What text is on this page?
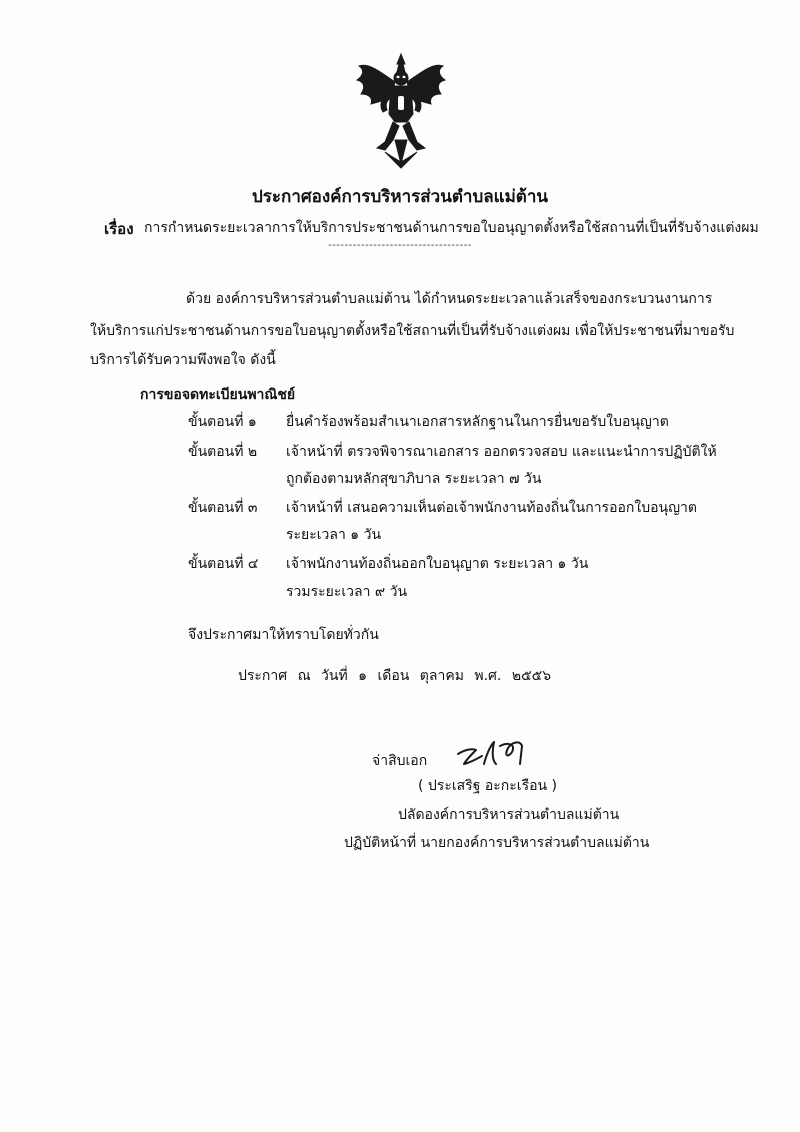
ประกาศองค์การบริหารส่วนตำบลแม่ต้าน
เรื่อง การกำหนดระยะเวลาการให้บริการประชาชนด้านการขอใบอนุญาตตั้งหรือใช้สถานที่เป็นที่รับจ้างแต่งผม
-----------------------------------
ด้วย องค์การบริหารส่วนตำบลแม่ต้าน ได้กำหนดระยะเวลาแล้วเสร็จของกระบวนงานการ
ให้บริการแก่ประชาชนด้านการขอใบอนุญาตตั้งหรือใช้สถานที่เป็นที่รับจ้างแต่งผม เพื่อให้ประชาชนที่มาขอรับ
บริการได้รับความพึงพอใจ ดังนี้
การขอจดทะเบียนพาณิชย์
ขั้นตอนที่ ๑ ยื่นคำร้องพร้อมสำเนาเอกสารหลักฐานในการยื่นขอรับใบอนุญาต
ขั้นตอนที่ ๒ เจ้าหน้าที่ ตรวจพิจารณาเอกสาร ออกตรวจสอบ และแนะนำการปฏิบัติให้
ถูกต้องตามหลักสุขาภิบาล ระยะเวลา ๗ วัน
ขั้นตอนที่ ๓ เจ้าหน้าที่ เสนอความเห็นต่อเจ้าพนักงานท้องถิ่นในการออกใบอนุญาต
ระยะเวลา ๑ วัน
ขั้นตอนที่ ๔ เจ้าพนักงานท้องถิ่นออกใบอนุญาต ระยะเวลา ๑ วัน
รวมระยะเวลา ๙ วัน
จึงประกาศมาให้ทราบโดยทั่วกัน
ประกาศ ณ วันที่ ๑ เดือน ตุลาคม พ.ศ. ๒๕๕๖
จ่าสิบเอก
( ประเสริฐ อะกะเรือน )
ปลัดองค์การบริหารส่วนตำบลแม่ต้าน
ปฏิบัติหน้าที่ นายกองค์การบริหารส่วนตำบลแม่ต้าน
